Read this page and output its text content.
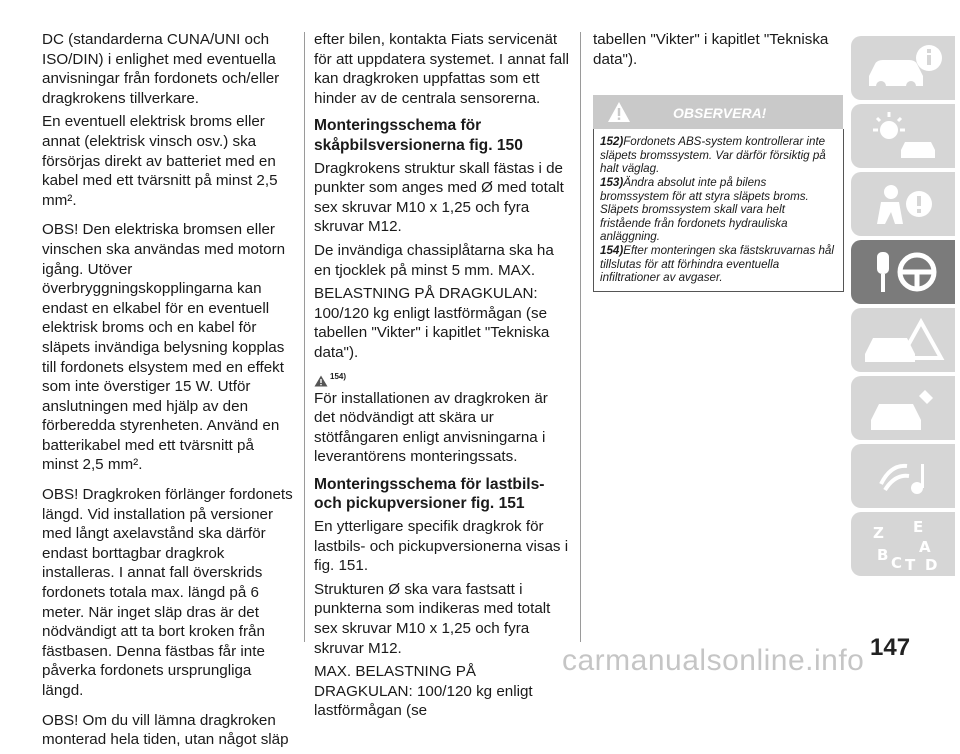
DC (standarderna CUNA/UNI och ISO/DIN) i enlighet med eventuella anvisningar från fordonets och/eller dragkrokens tillverkare.

En eventuell elektrisk broms eller annat (elektrisk vinsch osv.) ska försörjas direkt av batteriet med en kabel med ett tvärsnitt på minst 2,5 mm².

OBS! Den elektriska bromsen eller vinschen ska användas med motorn igång. Utöver överbryggningskopplingarna kan endast en elkabel för en eventuell elektrisk broms och en kabel för släpets invändiga belysning kopplas till fordonets elsystem med en effekt som inte överstiger 15 W. Utför anslutningen med hjälp av den förberedda styrenheten. Använd en batterikabel med ett tvärsnitt på minst 2,5 mm².

OBS! Dragkroken förlänger fordonets längd. Vid installation på versioner med långt axelavstånd ska därför endast borttagbar dragkrok installeras. I annat fall överskrids fordonets totala max. längd på 6 meter. När inget släp dras är det nödvändigt att ta bort kroken från fästbasen. Denna fästbas får inte påverka fordonets ursprungliga längd.

OBS! Om du vill lämna dragkroken monterad hela tiden, utan något släp

efter bilen, kontakta Fiats servicenät för att uppdatera systemet. I annat fall kan dragkroken uppfattas som ett hinder av de centrala sensorerna.

Monteringsschema för skåpbilsversionerna fig. 150

Dragkrokens struktur skall fästas i de punkter som anges med Ø med totalt sex skruvar M10 x 1,25 och fyra skruvar M12.

De invändiga chassiplåtarna ska ha en tjocklek på minst 5 mm. MAX.

BELASTNING PÅ DRAGKULAN: 100/120 kg enligt lastförmågan (se tabellen "Vikter" i kapitlet "Tekniska data").

154)

För installationen av dragkroken är det nödvändigt att skära ur stötfångaren enligt anvisningarna i leverantörens monteringssats.

Monteringsschema för lastbils- och pickupversioner fig. 151

En ytterligare specifik dragkrok för lastbils- och pickupversionerna visas i fig. 151.

Strukturen Ø ska vara fastsatt i punkterna som indikeras med totalt sex skruvar M10 x 1,25 och fyra skruvar M12.

MAX. BELASTNING PÅ DRAGKULAN: 100/120 kg enligt lastförmågan (se

tabellen "Vikter" i kapitlet "Tekniska data").

OBSERVERA!

152)Fordonets ABS-system kontrollerar inte släpets bromssystem. Var därför försiktig på halt väglag.

153)Ändra absolut inte på bilens bromssystem för att styra släpets broms. Släpets bromssystem skall vara helt fristående från fordonets hydrauliska anläggning.

154)Efter monteringen ska fästskruvarnas hål tillslutas för att förhindra eventuella infiltrationer av avgaser.

Z E
A
B C T D
147
carmanualsonline.info
